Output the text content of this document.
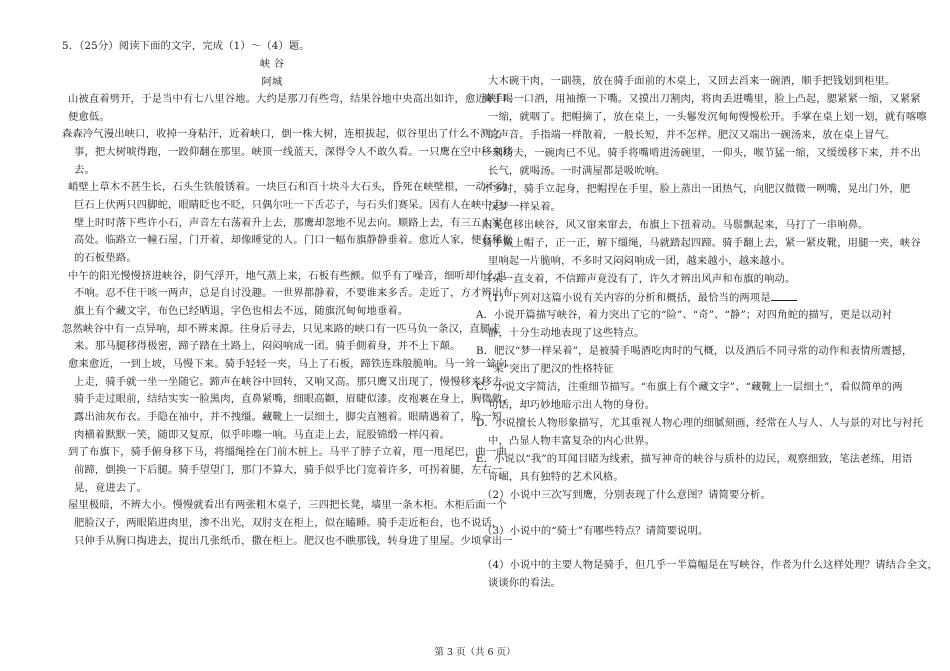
5．（25分）阅读下面的文字，完成（1）～（4）题。
峡 谷
阿城
山被直着劈开，于是当中有七八里谷地。大约是那刀有些弯，结果谷地中央高出如许，愈近峡口
便愈低。
森森冷气漫出峡口，收掉一身粘汗，近着峡口，倒一株大树，连根拔起，似谷里出了什么不测之
事，把大树唬得跑，一跤仰翻在那里。峡顶一线蓝天，深得令人不敢久看。一只鹰在空中移来移
去。
峭壁上草木不甚生长，石头生铁般锈着。一块巨石和百十块斗大石头，昏死在峡壁根，一动不动
巨石上伏两只四脚蛇，眼睛眨也不眨，只偶尔吐一下舌芯子，与石头们赛呆。因有人在峡中走，
壁上时时落下些许小石，声音左右荡着升上去，那鹰却忽地不见去向。顺路上去，有三五人家在
高处。临路立一幢石屋，门开着，却像睡觉的人。门口一幅布旗静静垂着。愈近人家，便有稀松
的石板垫路。
中午的阳光慢慢挤进峡谷，阴气浮开，地气蒸上来，石板有些颤。似乎有了噪音，细听却什么也
不响。忍不住干咳一两声，总是自讨没趣。一世界都静着，不要谁来多舌。走近了，方才辨出布
旗上有个藏文字，布色已经晒退，字色也相去不远，随旗沉甸甸地垂着。
忽然峡谷中有一点异响，却不辨来源。往身后寻去，只见来路的峡口有一匹马负一条汉，直腿走
来。那马腿移得极密，蹄子踏在土路上，闷闷响成一团。骑手側着身，并不上下颠。
愈来愈近，一到上坡，马慢下来。骑手轻轻一夹，马上了石板，蹄铁连珠般脆响。马一耸一耸向
上走，骑手就一坐一坐随它。蹄声在峡谷中回转，又响又高。那只鹰又出现了，慢慢移来移去。
骑手走过眼前，结结实实一脸黑肉，直鼻紧嘴，细眼高颧，眉睫似漆。皮袍裹在身上，胸微敞，
露出油灰布衣。手隐在袖中，并不拽缰。藏靴上一层细土，脚尖直翘着。眼睛遇着了，脸一短，
肉横着默默一笑，随即又复原，似乎咔嚓一响。马直走上去，屁股锦缎一样闪着。
到了布旗下，骑手俯身移下马，将缰绳拴在门前木桩上。马平了脖子立着，甩一甩尾巴，曲一曲
前蹄，倒换一下后腿。骑手望望门，那门不算大，骑手似乎比门宽着许多，可拐着腿，左右一
晃，竟进去了。
屋里极暗，不辨大小。慢慢就看出有两张粗木桌子，三四把长凳，墙里一条木柜。木柜后面一个
肥脸汉子，两眼陷进肉里，渗不出光，双肘支在柜上，似在瞌睡。骑手走近柜台，也不说话，
只伸手从胸口掏进去，捉出几张纸币，撒在柜上。肥汉也不瞧那钱，转身进了里屋。少顷拿出一
大木碗干肉，一副筷，放在骑手面前的木桌上，又回去舀来一碗酒，顺手把钱划到柜里。
骑手喝一口酒，用袖擦一下嘴。又摸出刀割肉，将肉丢进嘴里，脸上凸起，腮紧紧一缩，又紧紧
一缩，就咽了。把帽摘了，放在桌上，一头鬈发沉甸甸慢慢松开。手掌在桌上划一划，就有喀嚓
的声音。手指端一样散着，一般长短，并不怎样。肥汉又端出一碗汤来，放在桌上冒气。
一刻功夫，一碗肉已不见。骑手将嘴啃进汤碗里，一仰头，喉节猛一缩，又缓缓移下来，并不出
长气，就喝汤。一时满屋都是吸吮响。
不多时，骑手立起身，把帽捏在手里，脸上蒸出一团热气，向肥汉微微一咧嘴，晃出门外，肥
汉梦一样呆着。
阳光已移出峡谷，风又窜来窜去，布旗上下扭着动。马鬃飘起来，马打了一串响鼻。
骑手戴上帽子，正一正，解下缰绳，马就踏起四蹄。骑手翻上去，紧一紧皮靴，用腿一夹，峡谷
里响起一片脆响，不多时又闷闷响成一团，越来越小，越来越小。
耳朵一直支着，不信蹄声竟没有了，许久才辨出风声和布旗的响动。
（1）下列对这篇小说有关内容的分析和概括，最恰当的两项是
A．小说开篇描写峡谷，着力突出了它的“险”、“奇”、“静”；对四角蛇的描写，更是以动衬
静，十分生动地表现了这些特点。
B．肥汉“梦一样呆着”，是被骑手喝酒吃肉时的气概，以及酒后不同寻常的动作和表情所震撼，
“呆”突出了肥汉的性格特征
C．小说文字简洁，注重细节描写。“布旗上有个藏文字”、“藏靴上一层细土”，看似简单的两
句话，却巧妙地暗示出人物的身份。
D．小说擅长人物形象描写，尤其重视人物心理的细腻刻画，经常在人与人、人与景的对比与衬托
中，凸显人物丰富复杂的内心世界。
E．小说以“我”的耳闻目睹为线索，描写神奇的峡谷与质朴的边民，观察细致，笔法老练，用语
奇崛，具有独特的艺术风格。
（2）小说中三次写到鹰，分别表现了什么意图？请简要分析。
（3）小说中的“骑士”有哪些特点？请简要说明。
（4）小说中的主要人物是骑手，但几乎一半篇幅是在写峡谷，作者为什么这样处理？请结合全文，
谈谈你的看法。
第 3 页（共 6 页）
